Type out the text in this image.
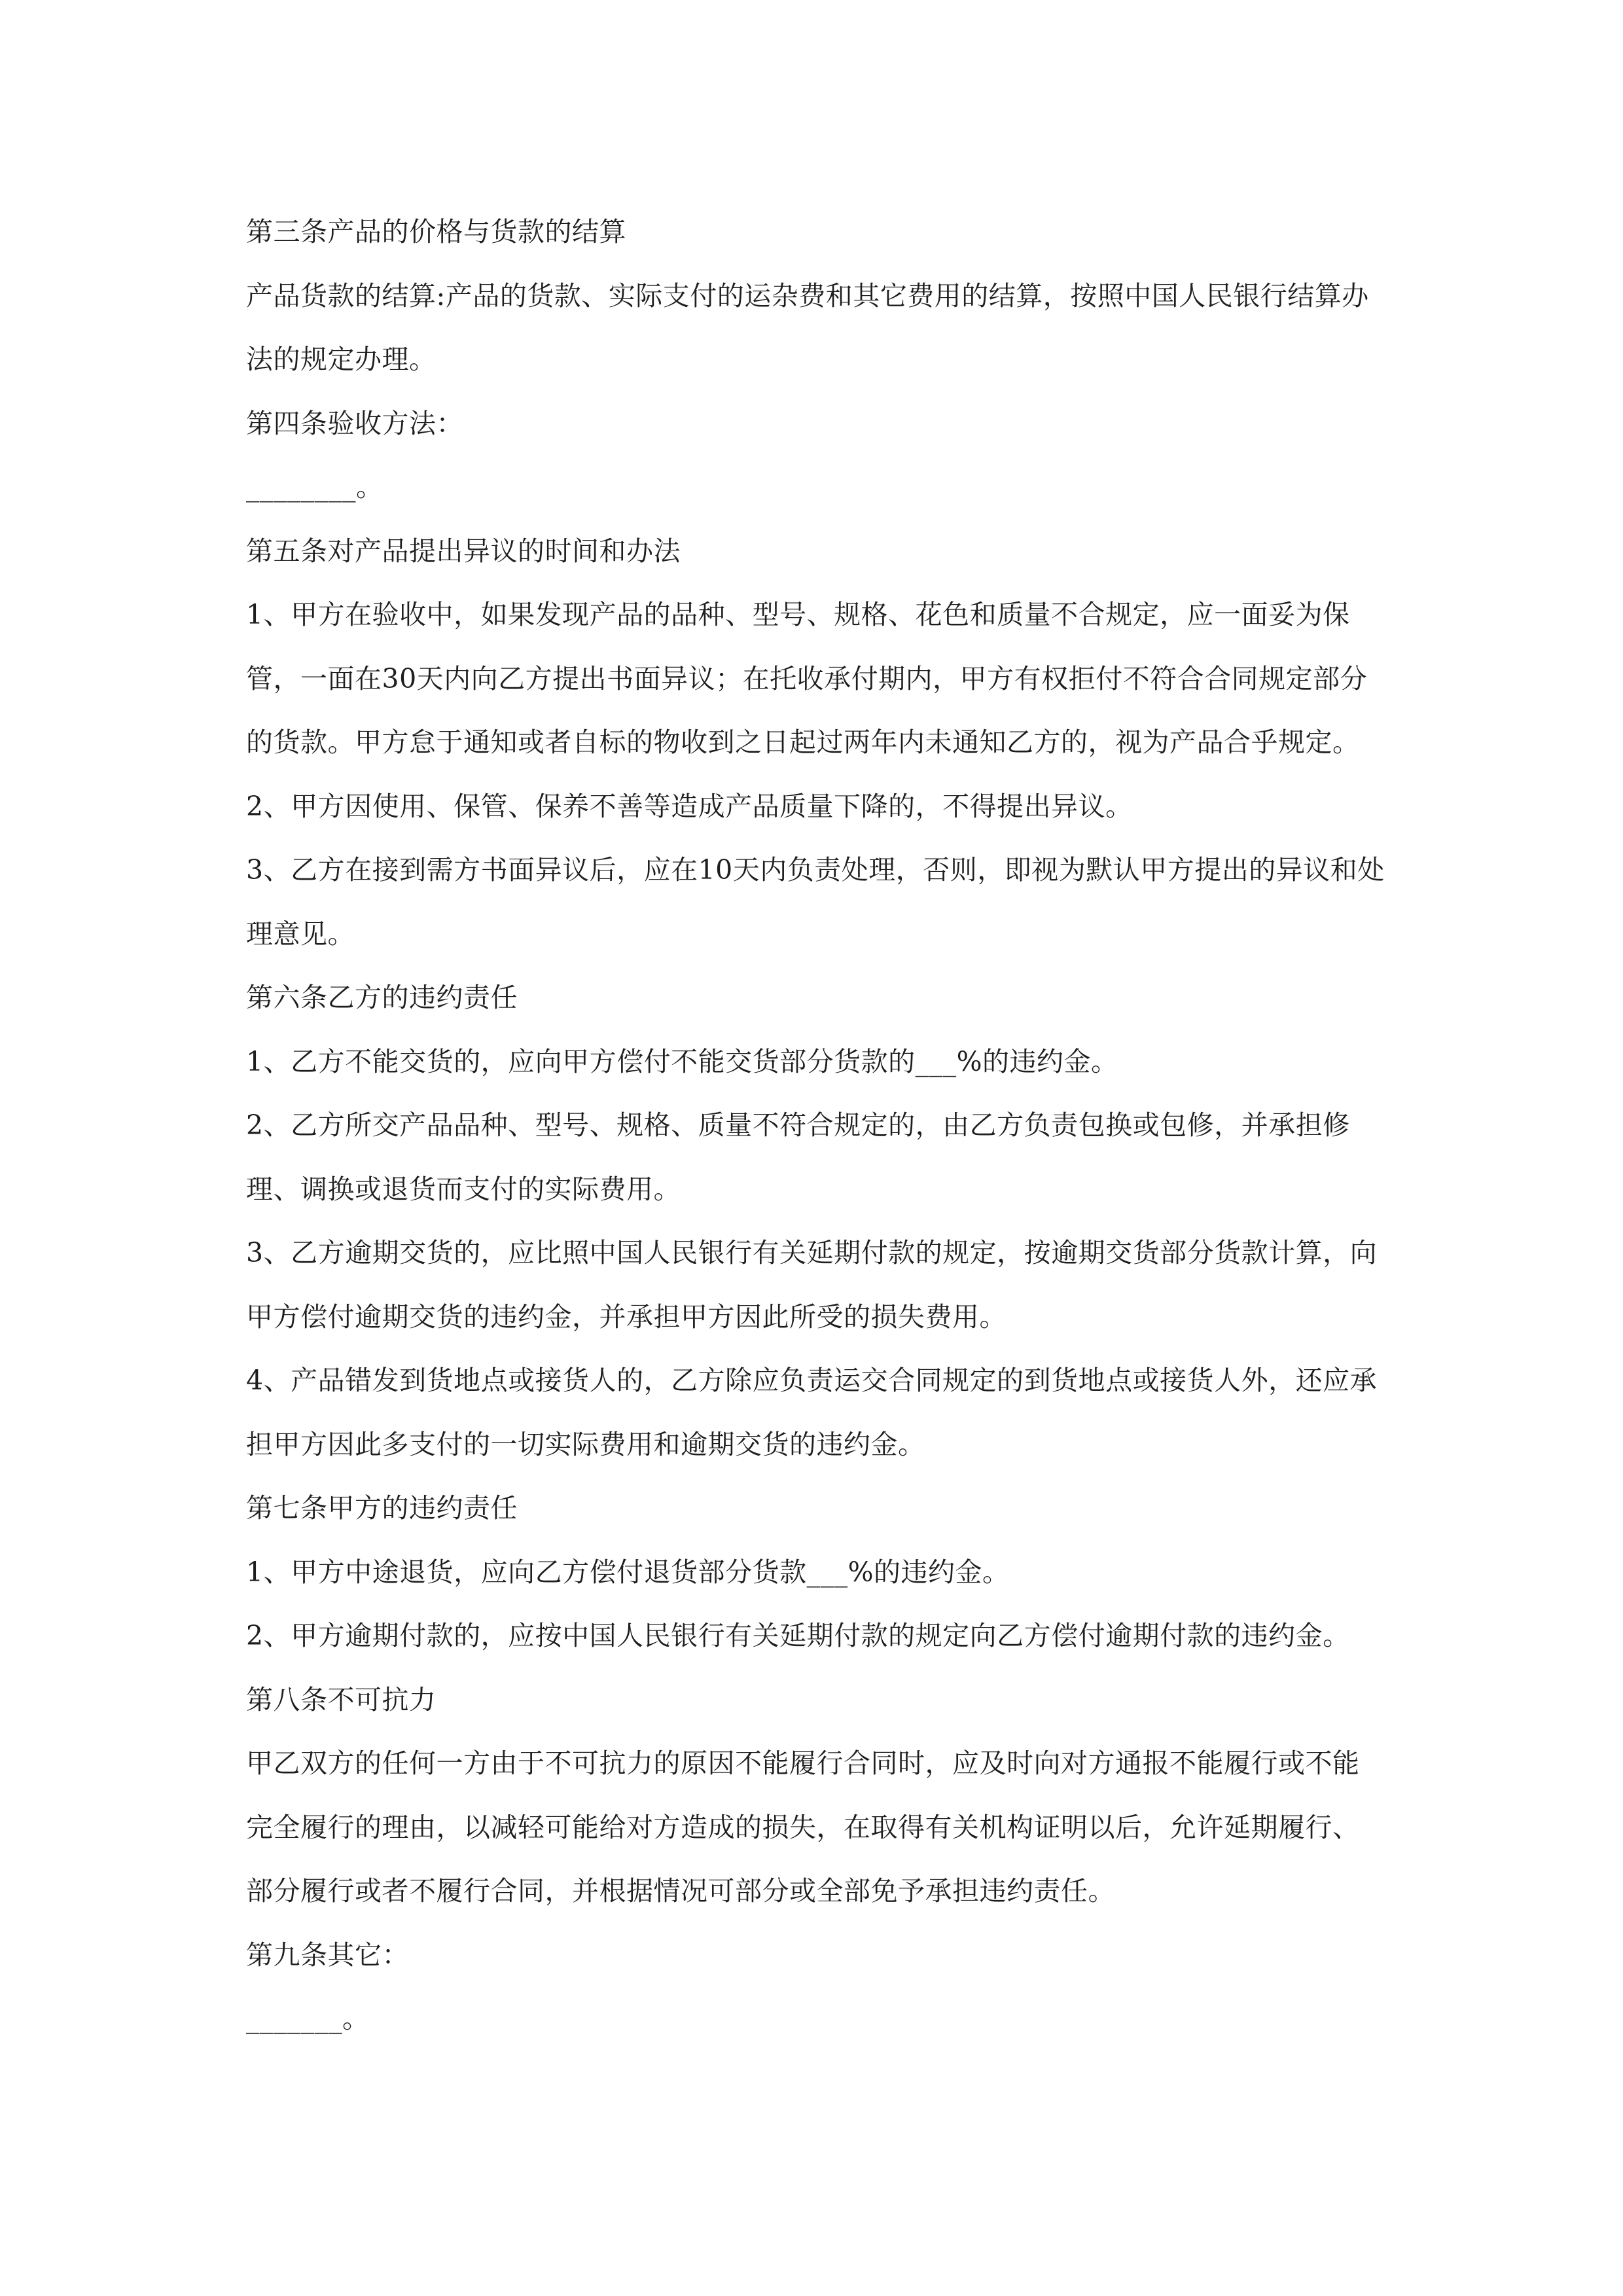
第三条产品的价格与货款的结算

产品货款的结算:产品的货款、实际支付的运杂费和其它费用的结算，按照中国人民银行结算办法的规定办理。

第四条验收方法：

________。

第五条对产品提出异议的时间和办法

1、甲方在验收中，如果发现产品的品种、型号、规格、花色和质量不合规定，应一面妥为保管，一面在30天内向乙方提出书面异议；在托收承付期内，甲方有权拒付不符合合同规定部分的货款。甲方怠于通知或者自标的物收到之日起过两年内未通知乙方的，视为产品合乎规定。

2、甲方因使用、保管、保养不善等造成产品质量下降的，不得提出异议。

3、乙方在接到需方书面异议后，应在10天内负责处理，否则，即视为默认甲方提出的异议和处理意见。

第六条乙方的违约责任

1、乙方不能交货的，应向甲方偿付不能交货部分货款的___%的违约金。

2、乙方所交产品品种、型号、规格、质量不符合规定的，由乙方负责包换或包修，并承担修理、调换或退货而支付的实际费用。

3、乙方逾期交货的，应比照中国人民银行有关延期付款的规定，按逾期交货部分货款计算，向甲方偿付逾期交货的违约金，并承担甲方因此所受的损失费用。

4、产品错发到货地点或接货人的，乙方除应负责运交合同规定的到货地点或接货人外，还应承担甲方因此多支付的一切实际费用和逾期交货的违约金。

第七条甲方的违约责任

1、甲方中途退货，应向乙方偿付退货部分货款___%的违约金。

2、甲方逾期付款的，应按中国人民银行有关延期付款的规定向乙方偿付逾期付款的违约金。

第八条不可抗力

甲乙双方的任何一方由于不可抗力的原因不能履行合同时，应及时向对方通报不能履行或不能完全履行的理由，以减轻可能给对方造成的损失，在取得有关机构证明以后，允许延期履行、部分履行或者不履行合同，并根据情况可部分或全部免予承担违约责任。

第九条其它：

_______。
